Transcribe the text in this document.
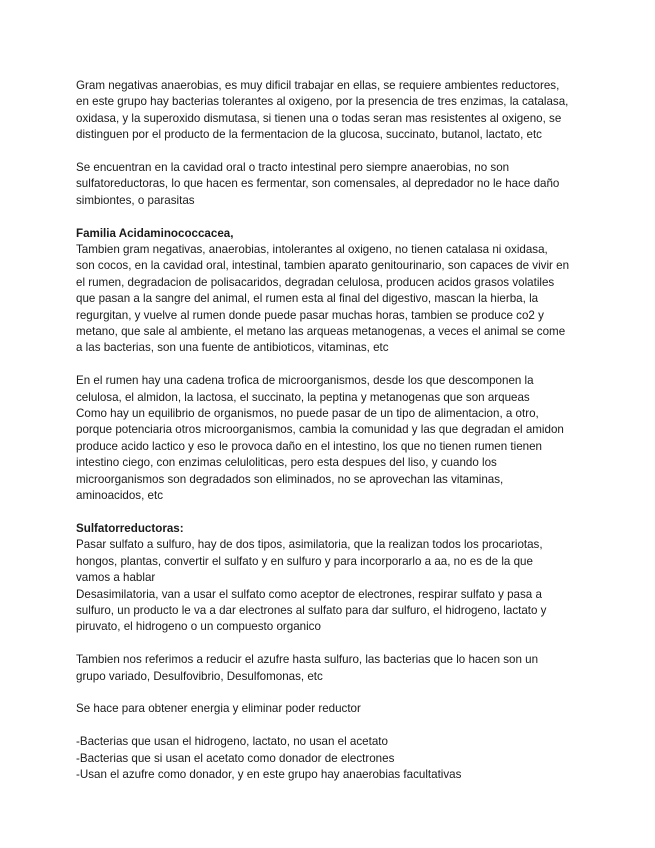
Gram negativas anaerobias, es muy dificil trabajar en ellas, se requiere ambientes reductores,
en este grupo hay bacterias tolerantes al oxigeno, por la presencia de tres enzimas, la catalasa,
oxidasa, y la superoxido dismutasa, si tienen una o todas seran mas resistentes al oxigeno, se
distinguen por el producto de la fermentacion de la glucosa, succinato, butanol, lactato, etc
Se encuentran en la cavidad oral o tracto intestinal pero siempre anaerobias, no son
sulfatoreductoras, lo que hacen es fermentar, son comensales, al depredador no le hace daño
simbiontes, o parasitas
Familia Acidaminococcacea,
Tambien gram negativas, anaerobias, intolerantes al oxigeno, no tienen catalasa ni oxidasa,
son cocos, en la cavidad oral, intestinal, tambien aparato genitourinario, son capaces de vivir en
el rumen, degradacion de polisacaridos, degradan celulosa, producen acidos grasos volatiles
que pasan a la sangre del animal, el rumen esta al final del digestivo, mascan la hierba, la
regurgitan, y vuelve al rumen donde puede pasar muchas horas, tambien se produce co2 y
metano, que sale al ambiente, el metano las arqueas metanogenas, a veces el animal se come
a las bacterias, son una fuente de antibioticos, vitaminas, etc
En el rumen hay una cadena trofica de microorganismos, desde los que descomponen la
celulosa, el almidon, la lactosa, el succinato, la peptina y metanogenas que son arqueas
Como hay un equilibrio de organismos, no puede pasar de un tipo de alimentacion, a otro,
porque potenciaria otros microorganismos, cambia la comunidad y las que degradan el amidon
produce acido lactico y eso le provoca daño en el intestino, los que no tienen rumen tienen
intestino ciego, con enzimas celuloliticas, pero esta despues del liso, y cuando los
microorganismos son degradados son eliminados, no se aprovechan las vitaminas,
aminoacidos, etc
Sulfatorreductoras:
Pasar sulfato a sulfuro, hay de dos tipos, asimilatoria, que la realizan todos los procariotas,
hongos, plantas, convertir el sulfato y en sulfuro y para incorporarlo a aa, no es de la que
vamos a hablar
Desasimilatoria, van a usar el sulfato como aceptor de electrones, respirar sulfato y pasa a
sulfuro, un producto le va a dar electrones al sulfato para dar sulfuro, el hidrogeno, lactato y
piruvato, el hidrogeno o un compuesto organico
Tambien nos referimos a reducir el azufre hasta sulfuro, las bacterias que lo hacen son un
grupo variado, Desulfovibrio, Desulfomonas, etc
Se hace para obtener energia y eliminar poder reductor
-Bacterias que usan el hidrogeno, lactato, no usan el acetato
-Bacterias que si usan el acetato como donador de electrones
-Usan el azufre como donador, y en este grupo hay anaerobias facultativas
